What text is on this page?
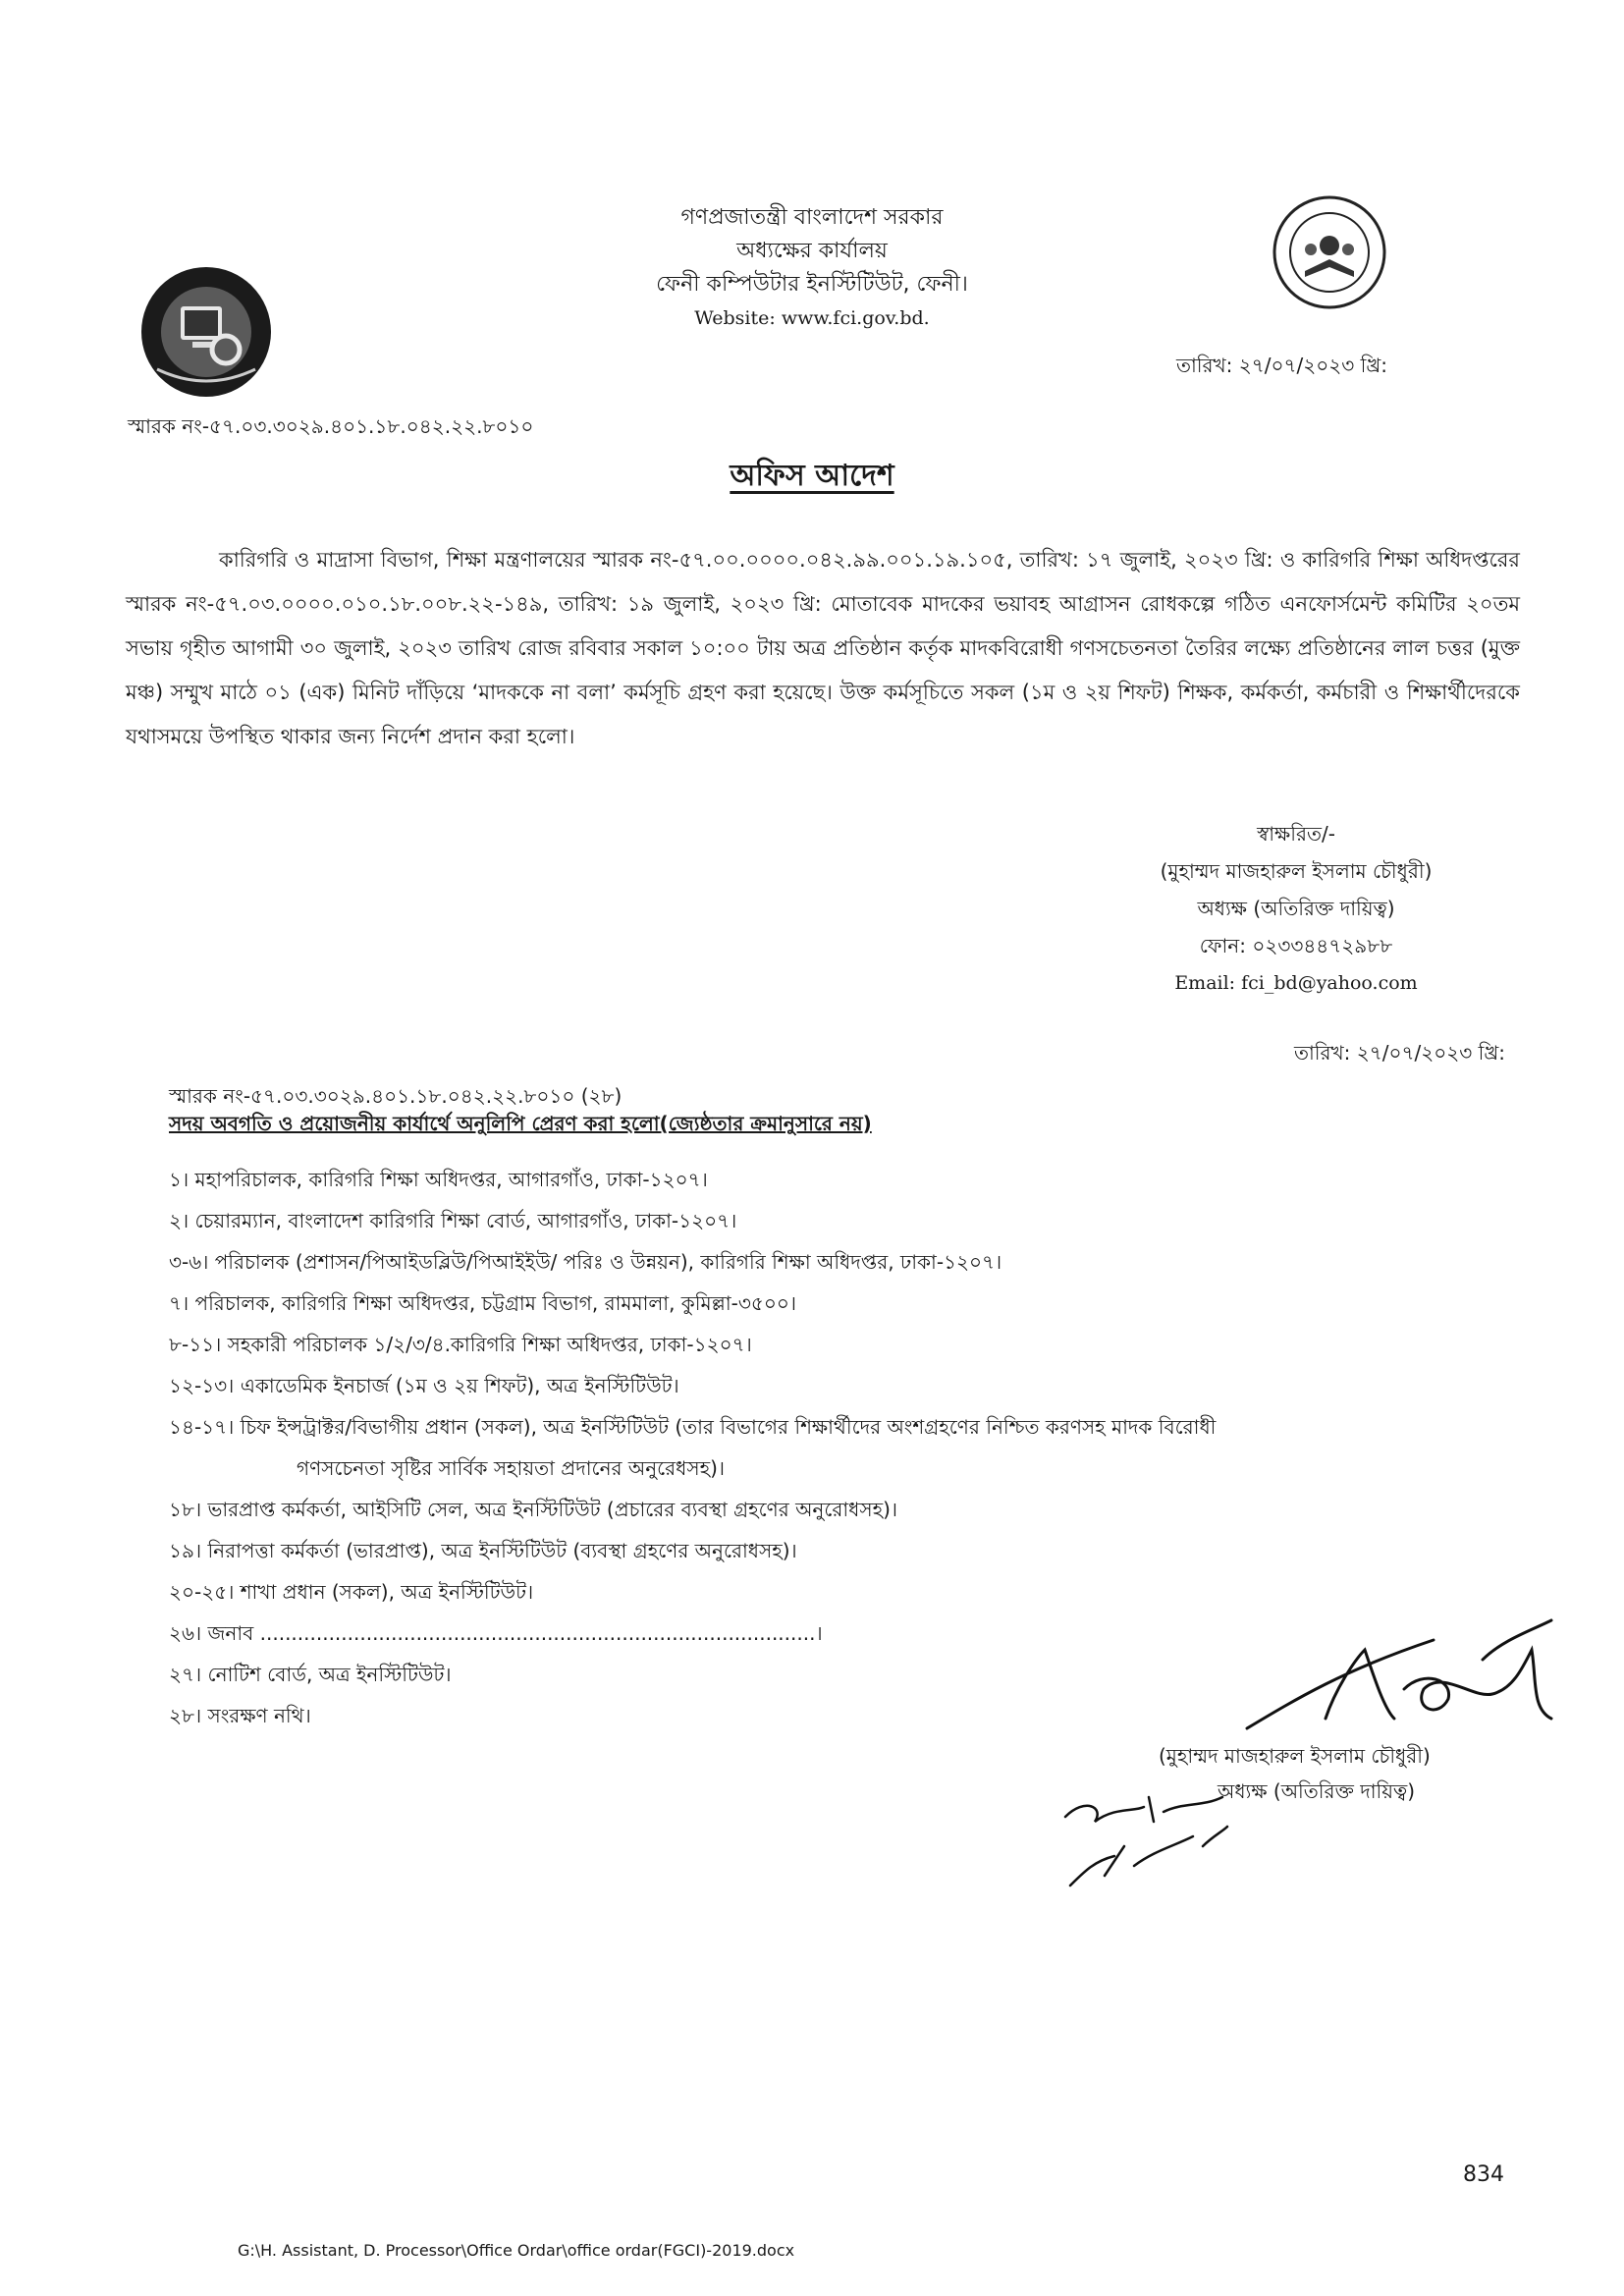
গণপ্রজাতন্ত্রী বাংলাদেশ সরকার
অধ্যক্ষের কার্যালয়
ফেনী কম্পিউটার ইনস্টিটিউট, ফেনী।
Website: www.fci.gov.bd.
তারিখ: ২৭/০৭/২০২৩ খ্রি:
স্মারক নং-৫৭.০৩.৩০২৯.৪০১.১৮.০৪২.২২.৮০১০
অফিস আদেশ
কারিগরি ও মাদ্রাসা বিভাগ, শিক্ষা মন্ত্রণালয়ের স্মারক নং-৫৭.০০.০০০০.০৪২.৯৯.০০১.১৯.১০৫, তারিখ: ১৭ জুলাই, ২০২৩ খ্রি: ও কারিগরি শিক্ষা অধিদপ্তরের স্মারক নং-৫৭.০৩.০০০০.০১০.১৮.০০৮.২২-১৪৯, তারিখ: ১৯ জুলাই, ২০২৩ খ্রি: মোতাবেক মাদকের ভয়াবহ আগ্রাসন রোধকল্পে গঠিত এনফোর্সমেন্ট কমিটির ২০তম সভায় গৃহীত আগামী ৩০ জুলাই, ২০২৩ তারিখ রোজ রবিবার সকাল ১০:০০ টায় অত্র প্রতিষ্ঠান কর্তৃক মাদকবিরোধী গণসচেতনতা তৈরির লক্ষ্যে প্রতিষ্ঠানের লাল চত্তর (মুক্ত মঞ্চ) সম্মুখ মাঠে ০১ (এক) মিনিট দাঁড়িয়ে ‘মাদককে না বলা’ কর্মসূচি গ্রহণ করা হয়েছে। উক্ত কর্মসূচিতে সকল (১ম ও ২য় শিফট) শিক্ষক, কর্মকর্তা, কর্মচারী ও শিক্ষার্থীদেরকে যথাসময়ে উপস্থিত থাকার জন্য নির্দেশ প্রদান করা হলো।
স্বাক্ষরিত/-
(মুহাম্মদ মাজহারুল ইসলাম চৌধুরী)
অধ্যক্ষ (অতিরিক্ত দায়িত্ব)
ফোন: ০২৩৩৪৪৭২৯৮৮
Email: fci_bd@yahoo.com
তারিখ: ২৭/০৭/২০২৩ খ্রি:
স্মারক নং-৫৭.০৩.৩০২৯.৪০১.১৮.০৪২.২২.৮০১০ (২৮)
সদয় অবগতি ও প্রয়োজনীয় কার্যার্থে অনুলিপি প্রেরণ করা হলো(জ্যেষ্ঠতার ক্রমানুসারে নয়)
১। মহাপরিচালক, কারিগরি শিক্ষা অধিদপ্তর, আগারগাঁও, ঢাকা-১২০৭।
২। চেয়ারম্যান, বাংলাদেশ কারিগরি শিক্ষা বোর্ড, আগারগাঁও, ঢাকা-১২০৭।
৩-৬। পরিচালক (প্রশাসন/পিআইডব্লিউ/পিআইইউ/ পরিঃ ও উন্নয়ন), কারিগরি শিক্ষা অধিদপ্তর, ঢাকা-১২০৭।
৭। পরিচালক, কারিগরি শিক্ষা অধিদপ্তর, চট্টগ্রাম বিভাগ, রামমালা, কুমিল্লা-৩৫০০।
৮-১১। সহকারী পরিচালক ১/২/৩/৪.কারিগরি শিক্ষা অধিদপ্তর, ঢাকা-১২০৭।
১২-১৩। একাডেমিক ইনচার্জ (১ম ও ২য় শিফট), অত্র ইনস্টিটিউট।
১৪-১৭। চিফ ইন্সট্রাক্টর/বিভাগীয় প্রধান (সকল), অত্র ইনস্টিটিউট (তার বিভাগের শিক্ষার্থীদের অংশগ্রহণের নিশ্চিত করণসহ মাদক বিরোধী
গণসচেনতা সৃষ্টির সার্বিক সহায়তা প্রদানের অনুরেধসহ)।
১৮। ভারপ্রাপ্ত কর্মকর্তা, আইসিটি সেল, অত্র ইনস্টিটিউট (প্রচারের ব্যবস্থা গ্রহণের অনুরোধসহ)।
১৯। নিরাপত্তা কর্মকর্তা (ভারপ্রাপ্ত), অত্র ইনস্টিটিউট (ব্যবস্থা গ্রহণের অনুরোধসহ)।
২০-২৫। শাখা প্রধান (সকল), অত্র ইনস্টিটিউট।
২৬। জনাব .........................................................................................।
২৭। নোটিশ বোর্ড, অত্র ইনস্টিটিউট।
২৮। সংরক্ষণ নথি।
(মুহাম্মদ মাজহারুল ইসলাম চৌধুরী)
অধ্যক্ষ (অতিরিক্ত দায়িত্ব)
834
G:\H. Assistant, D. Processor\Office Ordar\office ordar(FGCI)-2019.docx
